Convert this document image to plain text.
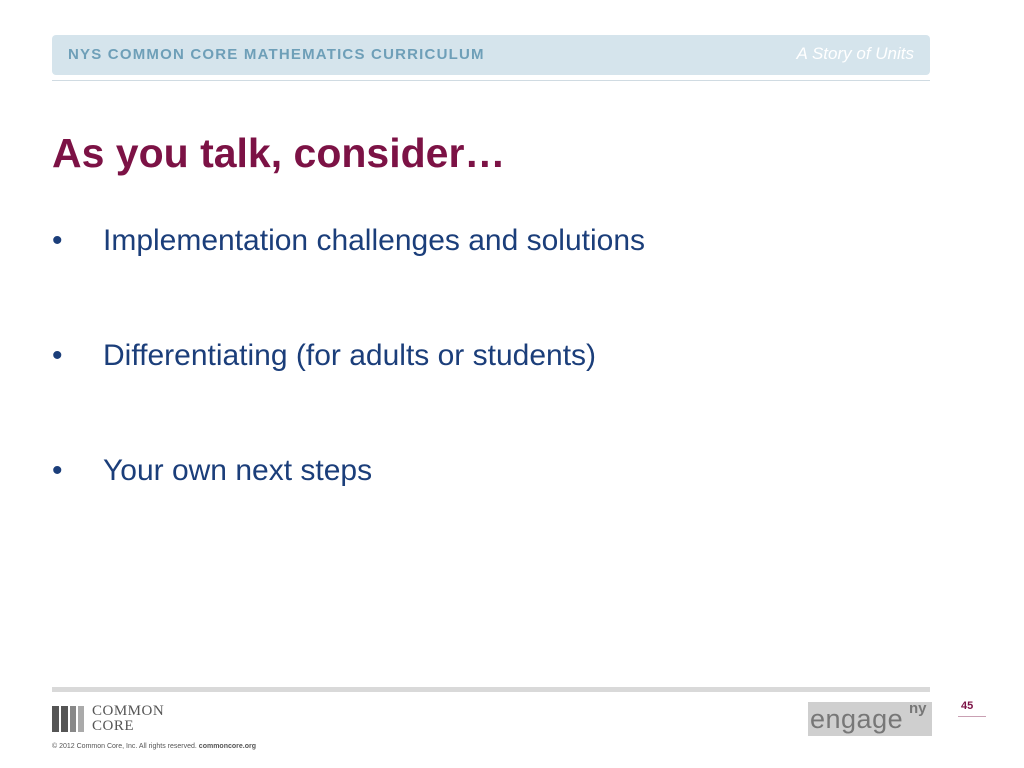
NYS COMMON CORE MATHEMATICS CURRICULUM	A Story of Units
As you talk, consider…
•	Implementation challenges and solutions
•	Differentiating (for adults or students)
•	Your own next steps
COMMON
CORE
© 2012 Common Core, Inc. All rights reserved. commoncore.org
engage ny	45
